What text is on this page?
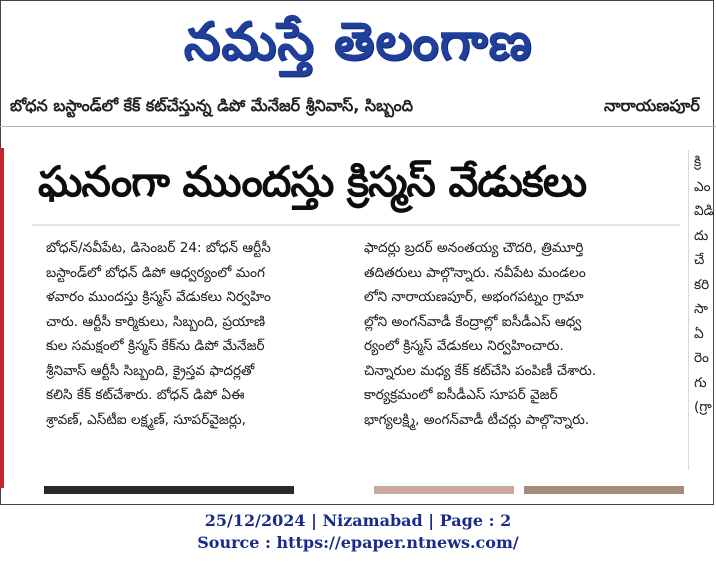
నమస్తే తెలంగాణ
బోధన బస్టాండ్‌లో కేక్ కట్‌చేస్తున్న డిపో మేనేజర్ శ్రీనివాస్, సిబ్బంది	నారాయణపూర్
ఘనంగా ముందస్తు క్రిస్మస్ వేడుకలు

బోధన్/నవీపేట, డిసెంబర్ 24: బోధన్ ఆర్టీసీ

బస్టాండ్‌లో బోధన్ డిపో ఆధ్వర్యంలో మంగ

ళవారం ముందస్తు క్రిస్మస్ వేడుకలు నిర్వహిం

చారు. ఆర్టీసీ కార్మికులు, సిబ్బంది, ప్రయాణి

కుల సమక్షంలో క్రిస్మస్ కేక్‌ను డిపో మేనేజర్

శ్రీనివాస్ ఆర్టీసీ సిబ్బంది, క్రైస్తవ ఫాదర్లతో

కలిసి కేక్ కట్‌చేశారు. బోధన్ డిపో ఏఈ

శ్రావణ్, ఎస్‌టీఐ లక్ష్మణ్, సూపర్‌వైజర్లు,

ఫాదర్లు బ్రదర్ అనంతయ్య చౌదరి, త్రిమూర్తి

తదితరులు పాల్గొన్నారు. నవీపేట మండలం

లోని నారాయణపూర్, అభంగపట్నం గ్రామా

ల్లోని అంగన్‌వాడీ కేంద్రాల్లో ఐసీడీఎస్ ఆధ్వ

ర్యంలో క్రిస్మస్ వేడుకలు నిర్వహించారు.

చిన్నారుల మధ్య కేక్ కట్‌చేసి పంపిణీ చేశారు.

కార్యక్రమంలో ఐసీడీఎస్ సూపర్ వైజర్

భాగ్యలక్ష్మి, అంగన్‌వాడీ టీచర్లు పాల్గొన్నారు.

క్రి

ఎం

విడి

దు

చే

కరి

సా

ఏ

రెం

గు

(గ్రా

25/12/2024 | Nizamabad | Page : 2
Source : https://epaper.ntnews.com/
